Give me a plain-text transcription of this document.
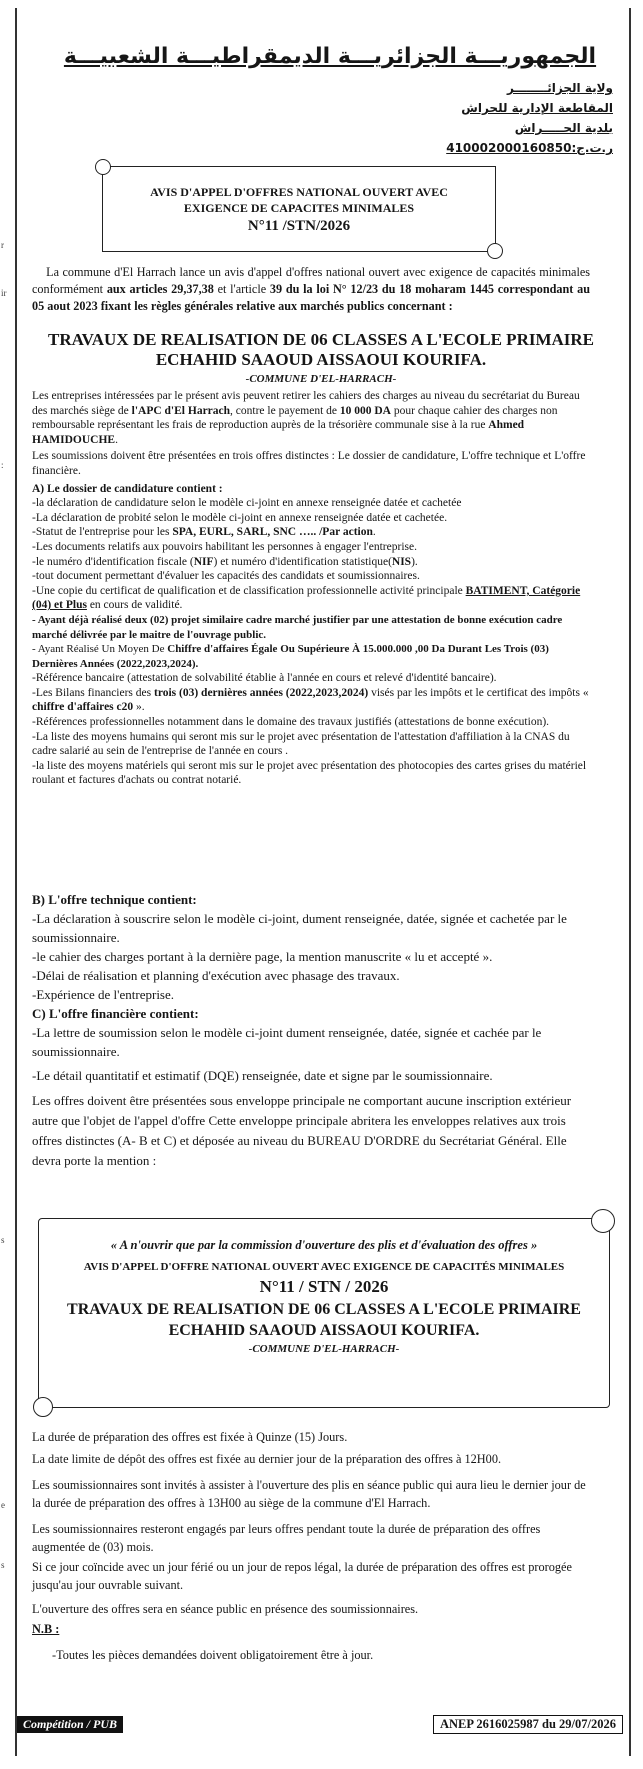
r
ir
:
s
e
s
الجمهوريـــة الجزائريـــة الديمقراطيـــة الشعبيـــة
ولاية الجزائــــــــر
المقاطعة الإدارية للحراش
بلدية الحـــــراش
ر.ت.ج:410002000160850
AVIS D'APPEL D'OFFRES NATIONAL OUVERT AVEC
EXIGENCE DE CAPACITES MINIMALES
N°11 /STN/2026
La commune d'El Harrach lance un avis d'appel d'offres national ouvert avec exigence de capacités minimales conformément aux articles 29,37,38 et l'article 39 du la loi N° 12/23 du 18 moharam 1445 correspondant au 05 aout 2023 fixant les règles générales relative aux marchés publics concernant :
TRAVAUX DE REALISATION DE 06 CLASSES A L'ECOLE PRIMAIRE
ECHAHID SAAOUD AISSAOUI KOURIFA.
-COMMUNE D'EL-HARRACH-
Les entreprises intéressées par le présent avis peuvent retirer les cahiers des charges au niveau du secrétariat du Bureau des marchés siège de l'APC d'El Harrach, contre le payement de 10 000 DA pour chaque cahier des charges non remboursable représentant les frais de reproduction auprès de la trésorière communale sise à la rue Ahmed HAMIDOUCHE.
Les soumissions doivent être présentées en trois offres distinctes : Le dossier de candidature, L'offre technique et L'offre financière.
A) Le dossier de candidature contient :
-la déclaration de candidature selon le modèle ci-joint en annexe renseignée datée et cachetée
-La déclaration de probité selon le modèle ci-joint en annexe renseignée datée et cachetée.
-Statut de l'entreprise pour les SPA, EURL, SARL, SNC ….. /Par action.
-Les documents relatifs aux pouvoirs habilitant les personnes à engager l'entreprise.
-le numéro d'identification fiscale (NIF) et numéro d'identification statistique(NIS).
-tout document permettant d'évaluer les capacités des candidats et soumissionnaires.
-Une copie du certificat de qualification et de classification professionnelle activité principale BATIMENT, Catégorie (04) et Plus en cours de validité.
- Ayant déjà réalisé deux (02) projet similaire cadre marché justifier par une attestation de bonne exécution cadre marché délivrée par le maitre de l'ouvrage public.
- Ayant Réalisé Un Moyen De Chiffre d'affaires Égale Ou Supérieure À 15.000.000 ,00 Da Durant Les Trois (03) Dernières Années (2022,2023,2024).
-Référence bancaire (attestation de solvabilité établie à l'année en cours et relevé d'identité bancaire).
-Les Bilans financiers des trois (03) dernières années (2022,2023,2024) visés par les impôts et le certificat des impôts « chiffre d'affaires c20 ».
-Références professionnelles notamment dans le domaine des travaux justifiés (attestations de bonne exécution).
-La liste des moyens humains qui seront mis sur le projet avec présentation de l'attestation d'affiliation à la CNAS du cadre salarié au sein de l'entreprise de l'année en cours .
-la liste des moyens matériels qui seront mis sur le projet avec présentation des photocopies des cartes grises du matériel roulant et factures d'achats ou contrat notarié.
B) L'offre technique contient:
-La déclaration à souscrire selon le modèle ci-joint, dument renseignée, datée, signée et cachetée par le soumissionnaire.
-le cahier des charges portant à la dernière page, la mention manuscrite « lu et accepté ».
-Délai de réalisation et planning d'exécution avec phasage des travaux.
-Expérience de l'entreprise.
C) L'offre financière contient:
-La lettre de soumission selon le modèle ci-joint dument renseignée, datée, signée et cachée par le soumissionnaire.
-Le détail quantitatif et estimatif (DQE) renseignée, date et signe par le soumissionnaire.
Les offres doivent être présentées sous enveloppe principale ne comportant aucune inscription extérieur autre que l'objet de l'appel d'offre Cette enveloppe principale abritera les enveloppes relatives aux trois offres distinctes (A- B et C) et déposée au niveau du BUREAU D'ORDRE du Secrétariat Général. Elle devra porte la mention :
« A n'ouvrir que par la commission d'ouverture des plis et d'évaluation des offres »
AVIS D'APPEL D'OFFRE NATIONAL OUVERT AVEC EXIGENCE DE CAPACITÉS MINIMALES
N°11 / STN / 2026
TRAVAUX DE REALISATION DE 06 CLASSES A L'ECOLE PRIMAIRE
ECHAHID SAAOUD AISSAOUI KOURIFA.
-COMMUNE D'EL-HARRACH-
La durée de préparation des offres est fixée à Quinze (15) Jours.
La date limite de dépôt des offres est fixée au dernier jour de la préparation des offres à 12H00.
Les soumissionnaires sont invités à assister à l'ouverture des plis en séance public qui aura lieu le dernier jour de la durée de préparation des offres à 13H00 au siège de la commune d'El Harrach.
Les soumissionnaires resteront engagés par leurs offres pendant toute la durée de préparation des offres augmentée de (03) mois.
Si ce jour coïncide avec un jour férié ou un jour de repos légal, la durée de préparation des offres est prorogée jusqu'au jour ouvrable suivant.
L'ouverture des offres sera en séance public en présence des soumissionnaires.
N.B :
-Toutes les pièces demandées doivent obligatoirement être à jour.
Compétition / PUB	ANEP 2616025987 du 29/07/2026
